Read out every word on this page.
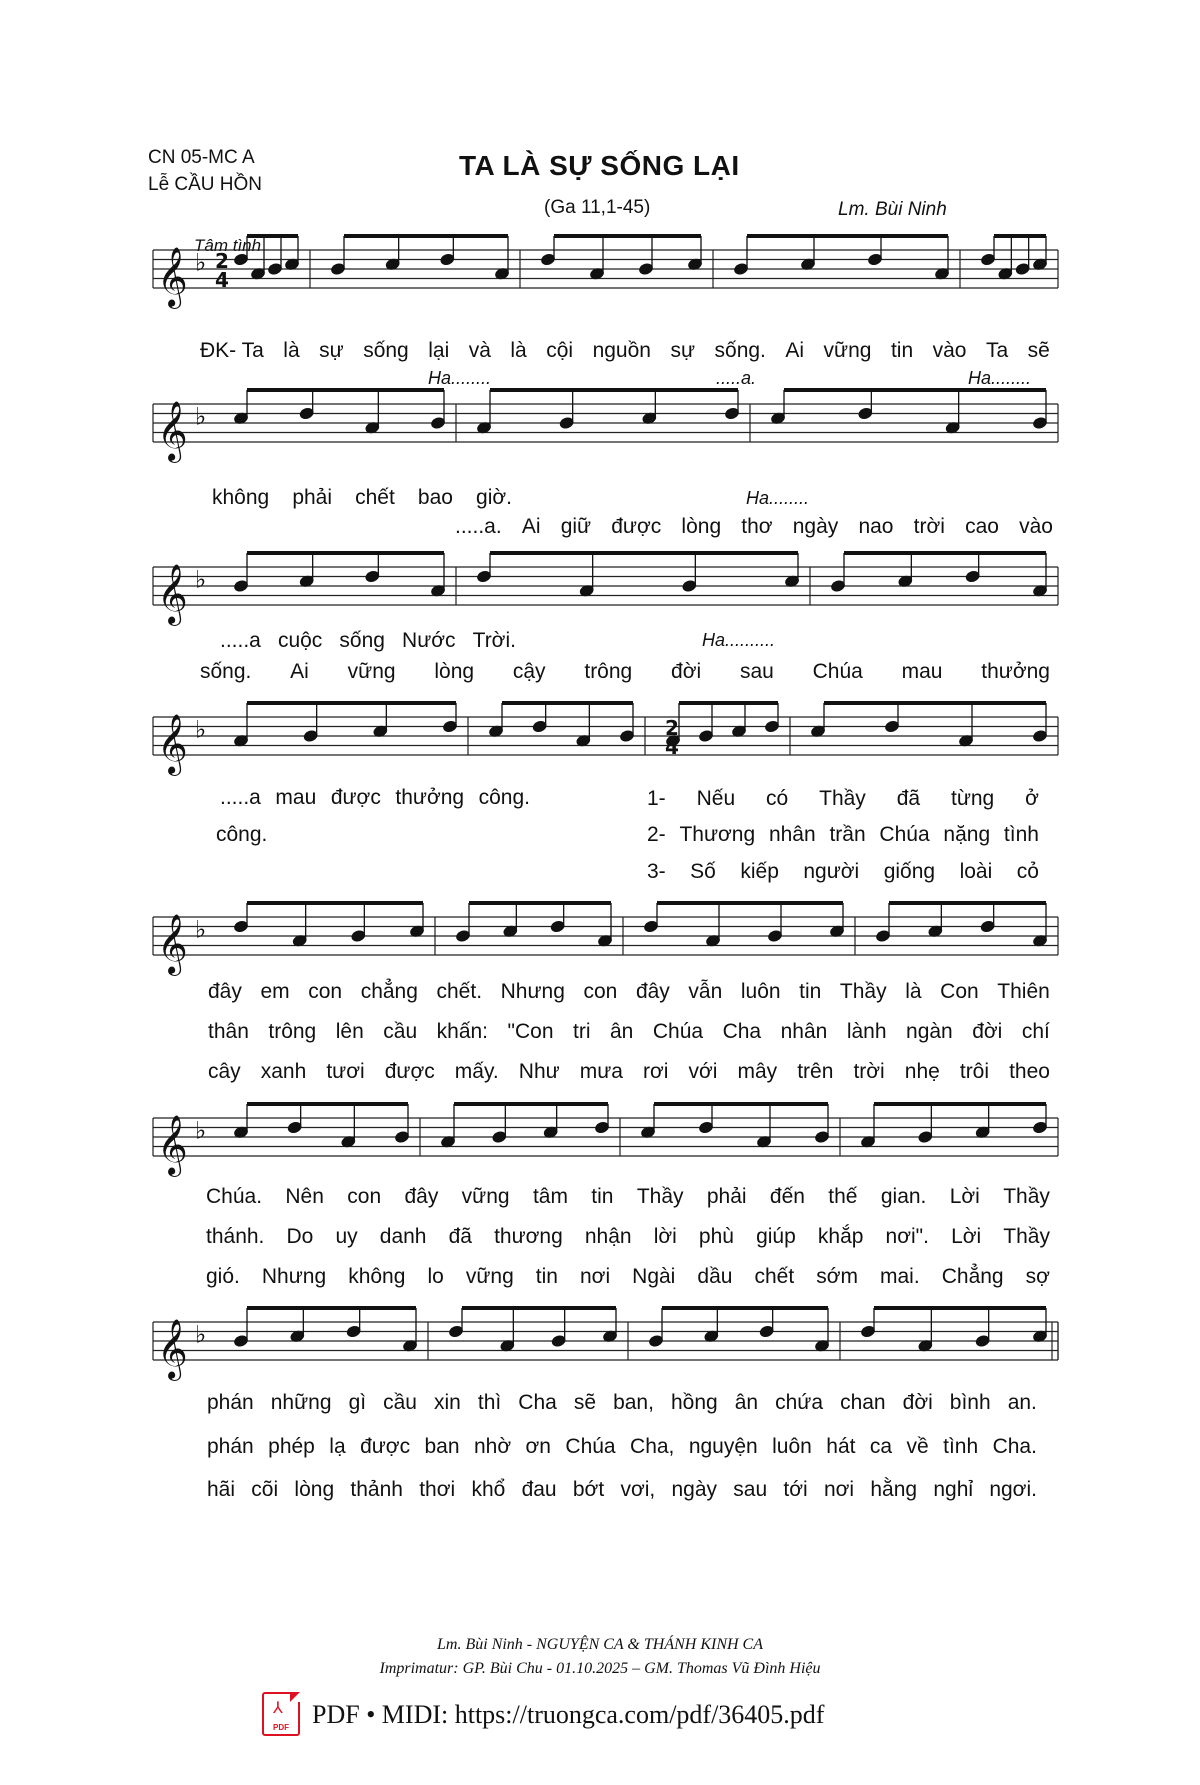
CN 05-MC A
Lễ CẦU HỒN
TA LÀ SỰ SỐNG LẠI
(Ga 11,1-45)	Lm. Bùi Ninh
Tâm tình
𝄞 ♭
𝄞 ♭
𝄞 ♭
𝄞 ♭
𝄞 ♭
𝄞 ♭
𝄞 ♭
2
4
2
4
ĐK- Ta là sự sống lại và là cội nguồn sự sống. Ai vững tin vào Ta sẽ
Ha........	.....a.	Ha........
không phải chết bao giờ.	Ha........
.....a. Ai giữ được lòng thơ ngày nao trời cao vào
.....a cuộc sống Nước Trời.	Ha..........
sống. Ai vững lòng cậy trông đời sau Chúa mau thưởng
.....a mau được thưởng công.
công.
1- Nếu có Thầy đã từng ở
2- Thương nhân trần Chúa nặng tình
3- Số kiếp người giống loài cỏ
đây em con chẳng chết. Nhưng con đây vẫn luôn tin Thầy là Con Thiên
thân trông lên cầu khấn: "Con tri ân Chúa Cha nhân lành ngàn đời chí
cây xanh tươi được mấy. Như mưa rơi với mây trên trời nhẹ trôi theo
Chúa. Nên con đây vững tâm tin Thầy phải đến thế gian. Lời Thầy
thánh. Do uy danh đã thương nhận lời phù giúp khắp nơi". Lời Thầy
gió. Nhưng không lo vững tin nơi Ngài dầu chết sớm mai. Chẳng sợ
phán những gì cầu xin thì Cha sẽ ban, hồng ân chứa chan đời bình an.
phán phép lạ được ban nhờ ơn Chúa Cha, nguyện luôn hát ca về tình Cha.
hãi cõi lòng thảnh thơi khổ đau bớt vơi, ngày sau tới nơi hằng nghỉ ngơi.
Lm. Bùi Ninh - NGUYỆN CA & THÁNH KINH CA
Imprimatur: GP. Bùi Chu - 01.10.2025 – GM. Thomas Vũ Đình Hiệu
⅄
PDF PDF • MIDI: https://truongca.com/pdf/36405.pdf
